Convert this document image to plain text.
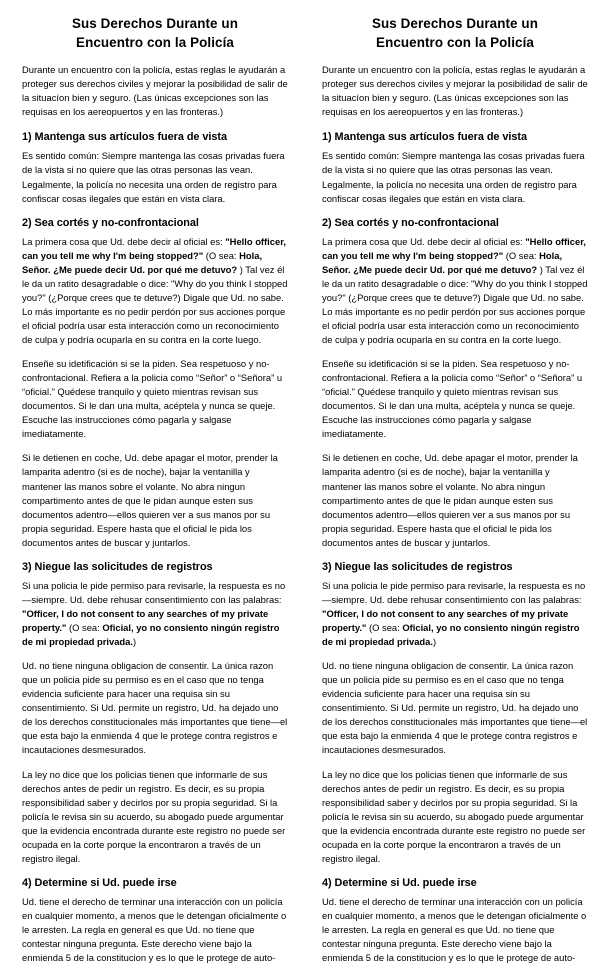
Sus Derechos Durante un
Encuentro con la Policía

Durante un encuentro con la policía, estas reglas le ayudarán a proteger sus derechos civiles y mejorar la posibilidad de salir de la situacíon bien y seguro. (Las únicas excepciones son las requisas en los aereopuertos y en las fronteras.)

1) Mantenga sus artículos fuera de vista

Es sentido común: Siempre mantenga las cosas privadas fuera de la vista si no quiere que las otras personas las vean. Legalmente, la policía no necesita una orden de registro para confiscar cosas ilegales que están en vista clara.

2) Sea cortés y no-confrontacional

La primera cosa que Ud. debe decir al oficial es: "Hello officer, can you tell me why I'm being stopped?" (O sea: Hola, Señor. ¿Me puede decir Ud. por qué me detuvo? ) Tal vez él le da un ratito desagradable o dice: "Why do you think I stopped you?" (¿Porque crees que te detuve?) Digale que Ud. no sabe. Lo más importante es no pedir perdón por sus acciones porque el oficial podría usar esta interacción como un reconocimiento de culpa y podría ocuparla en su contra en la corte luego.

Enseñe su idetificación si se la piden. Sea respetuoso y no-confrontacional. Refiera a la policia como “Señor” o “Señora” u “oficial.” Quédese tranquilo y quieto mientras revisan sus documentos. Si le dan una multa, acéptela y nunca se queje. Escuche las instrucciones cómo pagarla y salgase imediatamente.

Si le detienen en coche, Ud. debe apagar el motor, prender la lamparita adentro (si es de noche), bajar la ventanilla y mantener las manos sobre el volante. No abra ningun compartimento antes de que le pidan aunque esten sus documentos adentro—ellos quieren ver a sus manos por su propia seguridad. Espere hasta que el oficial le pida los documentos antes de buscar y juntarlos.

3) Niegue las solicitudes de registros

Si una policia le pide permiso para revisarle, la respuesta es no—siempre. Ud. debe rehusar consentimiento con las palabras: "Officer, I do not consent to any searches of my private property." (O sea: Oficial, yo no consiento ningún registro de mi propiedad privada.)

Ud. no tiene ninguna obligacion de consentir. La única razon que un policia pide su permiso es en el caso que no tenga evidencia suficiente para hacer una requisa sin su consentimiento. Si Ud. permite un registro, Ud. ha dejado uno de los derechos constitucionales más importantes que tiene—el que esta bajo la enmienda 4 que le protege contra registros e incautaciones desmesurados.

La ley no dice que los policias tienen que informarle de sus derechos antes de pedir un registro. Es decir, es su propia responsibilidad saber y decirlos por su propia seguridad. Si la policía le revisa sin su acuerdo, su abogado puede argumentar que la evidencia encontrada durante este registro no puede ser ocupada en la corte porque la encontraron a través de un registro ilegal.

4) Determine si Ud. puede irse

Ud. tiene el derecho de terminar una interacción con un policía en cualquier momento, a menos que le detengan oficialmente o le arresten. La regla en general es que Ud. no tiene que contestar ninguna pregunta. Este derecho viene bajo la enmienda 5 de la constitucion y es lo que le protege de auto-

Sus Derechos Durante un
Encuentro con la Policía

Durante un encuentro con la policía, estas reglas le ayudarán a proteger sus derechos civiles y mejorar la posibilidad de salir de la situacíon bien y seguro. (Las únicas excepciones son las requisas en los aereopuertos y en las fronteras.)

1) Mantenga sus artículos fuera de vista

Es sentido común: Siempre mantenga las cosas privadas fuera de la vista si no quiere que las otras personas las vean. Legalmente, la policía no necesita una orden de registro para confiscar cosas ilegales que están en vista clara.

2) Sea cortés y no-confrontacional

La primera cosa que Ud. debe decir al oficial es: "Hello officer, can you tell me why I'm being stopped?" (O sea: Hola, Señor. ¿Me puede decir Ud. por qué me detuvo? ) Tal vez él le da un ratito desagradable o dice: "Why do you think I stopped you?" (¿Porque crees que te detuve?) Digale que Ud. no sabe. Lo más importante es no pedir perdón por sus acciones porque el oficial podría usar esta interacción como un reconocimiento de culpa y podría ocuparla en su contra en la corte luego.

Enseñe su idetificación si se la piden. Sea respetuoso y no-confrontacional. Refiera a la policia como “Señor” o “Señora” u “oficial.” Quédese tranquilo y quieto mientras revisan sus documentos. Si le dan una multa, acéptela y nunca se queje. Escuche las instrucciones cómo pagarla y salgase imediatamente.

Si le detienen en coche, Ud. debe apagar el motor, prender la lamparita adentro (si es de noche), bajar la ventanilla y mantener las manos sobre el volante. No abra ningun compartimento antes de que le pidan aunque esten sus documentos adentro—ellos quieren ver a sus manos por su propia seguridad. Espere hasta que el oficial le pida los documentos antes de buscar y juntarlos.

3) Niegue las solicitudes de registros

Si una policia le pide permiso para revisarle, la respuesta es no—siempre. Ud. debe rehusar consentimiento con las palabras: "Officer, I do not consent to any searches of my private property." (O sea: Oficial, yo no consiento ningún registro de mi propiedad privada.)

Ud. no tiene ninguna obligacion de consentir. La única razon que un policia pide su permiso es en el caso que no tenga evidencia suficiente para hacer una requisa sin su consentimiento. Si Ud. permite un registro, Ud. ha dejado uno de los derechos constitucionales más importantes que tiene—el que esta bajo la enmienda 4 que le protege contra registros e incautaciones desmesurados.

La ley no dice que los policias tienen que informarle de sus derechos antes de pedir un registro. Es decir, es su propia responsibilidad saber y decirlos por su propia seguridad. Si la policía le revisa sin su acuerdo, su abogado puede argumentar que la evidencia encontrada durante este registro no puede ser ocupada en la corte porque la encontraron a través de un registro ilegal.

4) Determine si Ud. puede irse

Ud. tiene el derecho de terminar una interacción con un policía en cualquier momento, a menos que le detengan oficialmente o le arresten. La regla en general es que Ud. no tiene que contestar ninguna pregunta. Este derecho viene bajo la enmienda 5 de la constitucion y es lo que le protege de auto-
